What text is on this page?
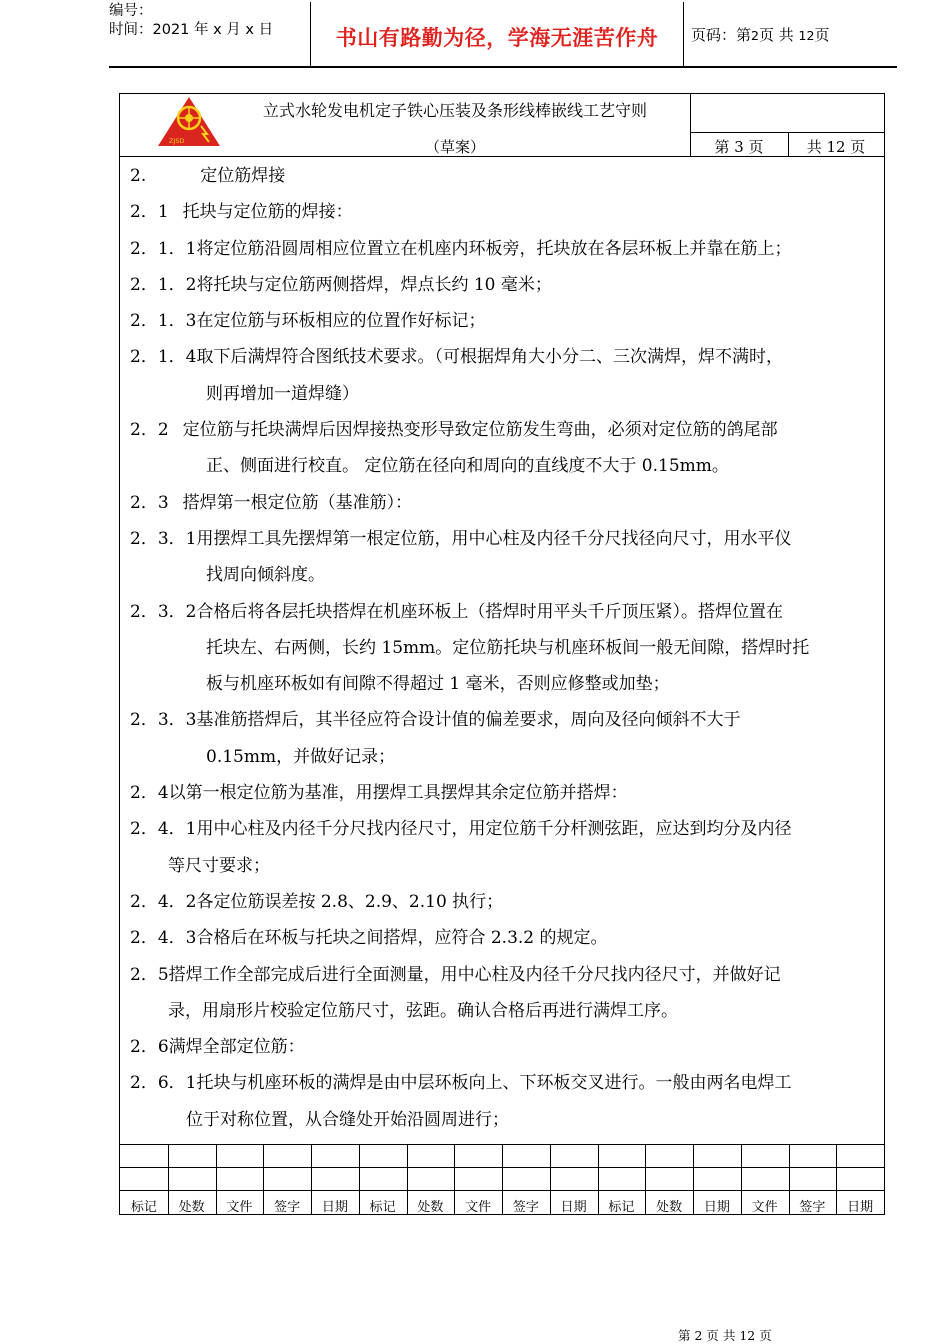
编号：
时间：2021 年 x 月 x 日	书山有路勤为径，学海无涯苦作舟	页码：第2页 共 12页
ZJSD
立式水轮发电机定子铁心压装及条形线棒嵌线工艺守则
（草案）	第 3 页	共 12 页
2.	定位筋焊接
2．1 托块与定位筋的焊接：
2．1．1将定位筋沿圆周相应位置立在机座内环板旁，托块放在各层环板上并靠在筋上；
2．1．2将托块与定位筋两侧搭焊，焊点长约 10 毫米；
2．1．3在定位筋与环板相应的位置作好标记；
2．1．4取下后满焊符合图纸技术要求。（可根据焊角大小分二、三次满焊，焊不满时，
则再增加一道焊缝）
2．2 定位筋与托块满焊后因焊接热变形导致定位筋发生弯曲，必须对定位筋的鸽尾部
正、侧面进行校直。 定位筋在径向和周向的直线度不大于 0.15mm。
2．3 搭焊第一根定位筋（基准筋）：
2．3．1用摆焊工具先摆焊第一根定位筋，用中心柱及内径千分尺找径向尺寸，用水平仪
找周向倾斜度。
2．3．2合格后将各层托块搭焊在机座环板上（搭焊时用平头千斤顶压紧）。搭焊位置在
托块左、右两侧，长约 15mm。定位筋托块与机座环板间一般无间隙，搭焊时托
板与机座环板如有间隙不得超过 1 毫米，否则应修整或加垫；
2．3．3基准筋搭焊后，其半径应符合设计值的偏差要求，周向及径向倾斜不大于
0.15mm，并做好记录；
2．4以第一根定位筋为基准，用摆焊工具摆焊其余定位筋并搭焊：
2．4．1用中心柱及内径千分尺找内径尺寸，用定位筋千分杆测弦距，应达到均分及内径
等尺寸要求；
2．4．2各定位筋误差按 2.8、2.9、2.10 执行；
2．4．3合格后在环板与托块之间搭焊，应符合 2.3.2 的规定。
2．5搭焊工作全部完成后进行全面测量，用中心柱及内径千分尺找内径尺寸，并做好记
录，用扇形片校验定位筋尺寸，弦距。确认合格后再进行满焊工序。
2．6满焊全部定位筋：
2．6．1托块与机座环板的满焊是由中层环板向上、下环板交叉进行。一般由两名电焊工
位于对称位置，从合缝处开始沿圆周进行；
标记	处数	文件	签字	日期	标记	处数	文件	签字	日期	标记	处数	日期	文件	签字	日期
第 2 页 共 12 页
